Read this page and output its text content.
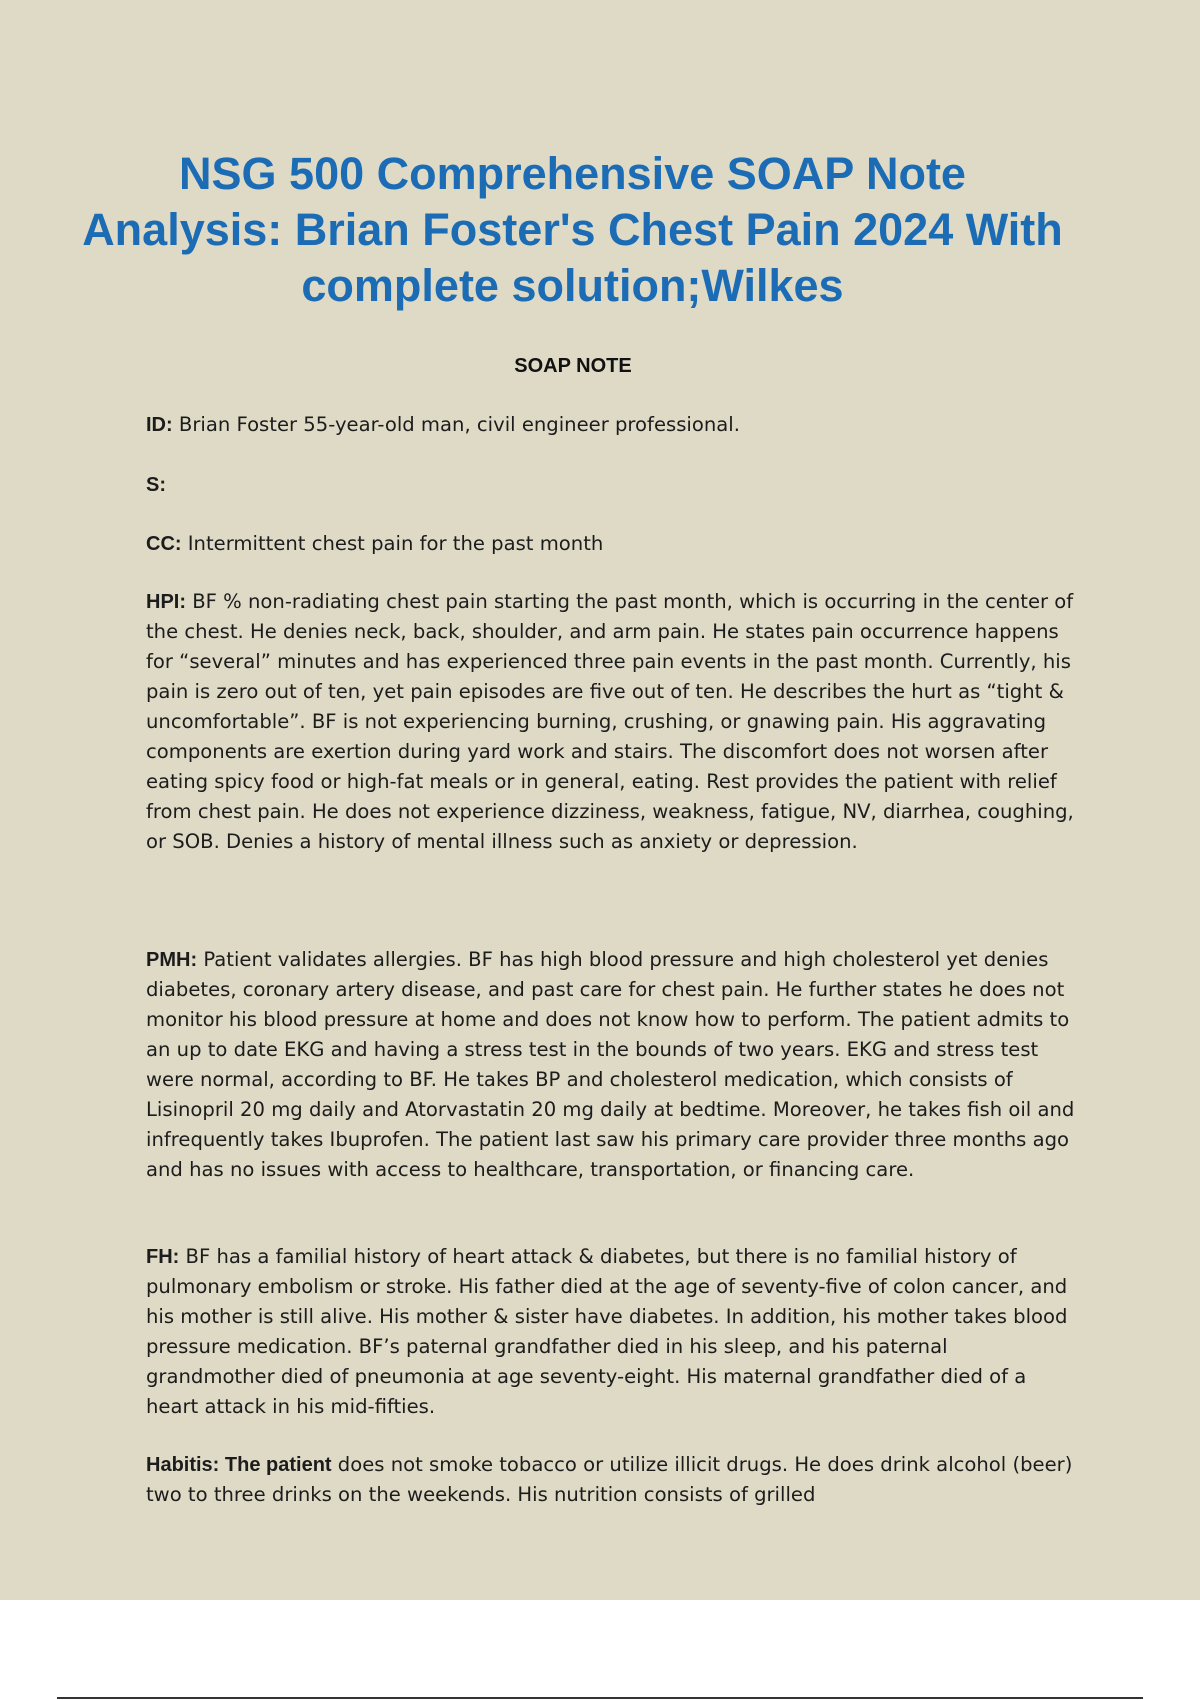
NSG 500 Comprehensive SOAP Note Analysis: Brian Foster's Chest Pain 2024 With complete solution;Wilkes
SOAP NOTE

ID: Brian Foster 55-year-old man, civil engineer professional.

S:

CC: Intermittent chest pain for the past month

HPI: BF % non-radiating chest pain starting the past month, which is occurring in the center of the chest. He denies neck, back, shoulder, and arm pain. He states pain occurrence happens for “several” minutes and has experienced three pain events in the past month. Currently, his pain is zero out of ten, yet pain episodes are five out of ten. He describes the hurt as “tight & uncomfortable”. BF is not experiencing burning, crushing, or gnawing pain. His aggravating components are exertion during yard work and stairs. The discomfort does not worsen after eating spicy food or high-fat meals or in general, eating. Rest provides the patient with relief from chest pain. He does not experience dizziness, weakness, fatigue, NV, diarrhea, coughing, or SOB. Denies a history of mental illness such as anxiety or depression.

PMH: Patient validates allergies. BF has high blood pressure and high cholesterol yet denies diabetes, coronary artery disease, and past care for chest pain. He further states he does not monitor his blood pressure at home and does not know how to perform. The patient admits to an up to date EKG and having a stress test in the bounds of two years. EKG and stress test were normal, according to BF. He takes BP and cholesterol medication, which consists of Lisinopril 20 mg daily and Atorvastatin 20 mg daily at bedtime. Moreover, he takes fish oil and infrequently takes Ibuprofen. The patient last saw his primary care provider three months ago and has no issues with access to healthcare, transportation, or financing care.

FH: BF has a familial history of heart attack & diabetes, but there is no familial history of pulmonary embolism or stroke. His father died at the age of seventy-five of colon cancer, and his mother is still alive. His mother & sister have diabetes. In addition, his mother takes blood pressure medication. BF’s paternal grandfather died in his sleep, and his paternal grandmother died of pneumonia at age seventy-eight. His maternal grandfather died of a heart attack in his mid-fifties.

Habitis: The patient does not smoke tobacco or utilize illicit drugs. He does drink alcohol (beer) two to three drinks on the weekends. His nutrition consists of grilled
